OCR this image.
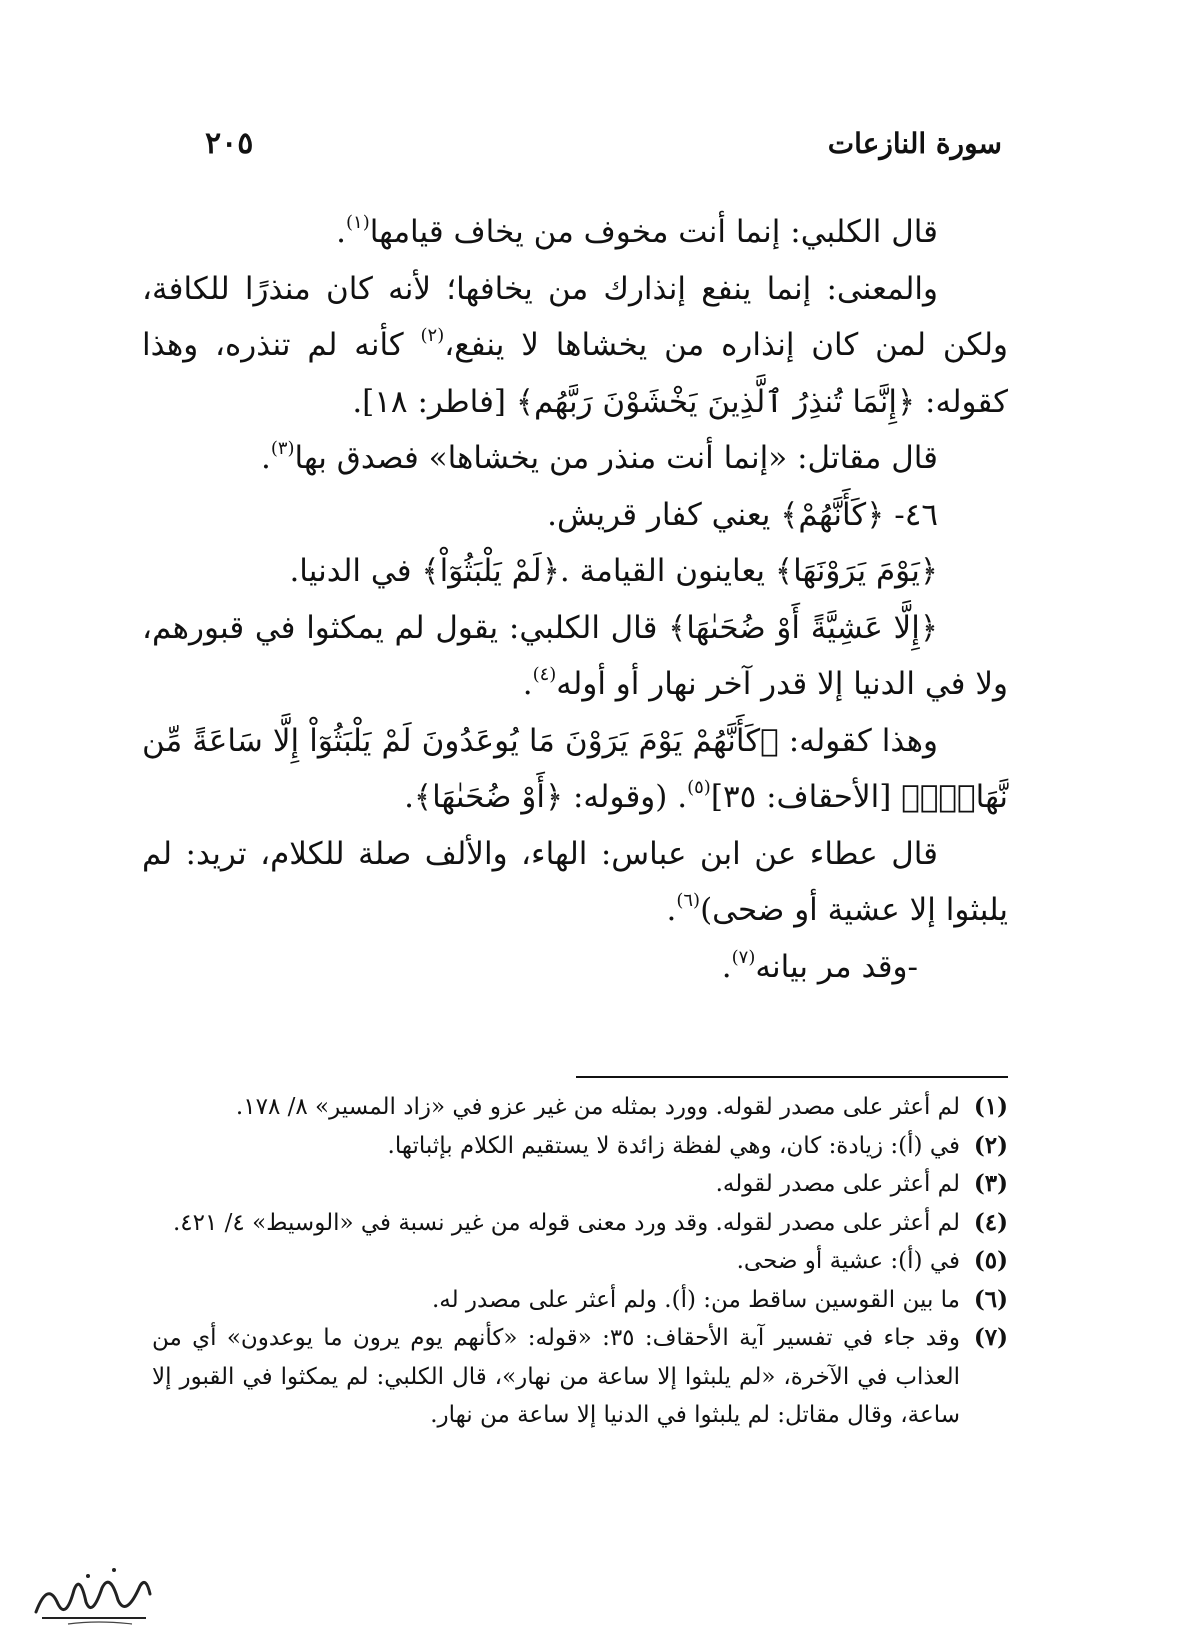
سورة النازعات
٢٠٥

قال الكلبي: إنما أنت مخوف من يخاف قيامها$^{(١)}$.

والمعنى: إنما ينفع إنذارك من يخافها؛ لأنه كان منذرًا للكافة، ولكن لمن كان إنذاره من يخشاها لا ينفع،$^{(٢)}$ كأنه لم تنذره، وهذا كقوله: ﴿إِنَّمَا تُنذِرُ ٱلَّذِينَ يَخْشَوْنَ رَبَّهُم﴾ [فاطر: ١٨].

قال مقاتل: «إنما أنت منذر من يخشاها» فصدق بها$^{(٣)}$.

٤٦- ﴿كَأَنَّهُمْ﴾ يعني كفار قريش.

﴿يَوْمَ يَرَوْنَهَا﴾ يعاينون القيامة .﴿لَمْ يَلْبَثُوٓاْ﴾ في الدنيا.

﴿إِلَّا عَشِيَّةً أَوْ ضُحَىٰهَا﴾ قال الكلبي: يقول لم يمكثوا في قبورهم، ولا في الدنيا إلا قدر آخر نهار أو أوله$^{(٤)}$.

وهذا كقوله: ﴿كَأَنَّهُمْ يَوْمَ يَرَوْنَ مَا يُوعَدُونَ لَمْ يَلْبَثُوٓاْ إِلَّا سَاعَةً مِّن نَّهَارٍۭ﴾ [الأحقاف: ٣٥]$^{(٥)}$. (وقوله: ﴿أَوْ ضُحَىٰهَا﴾.

قال عطاء عن ابن عباس: الهاء، والألف صلة للكلام، تريد: لم يلبثوا إلا عشية أو ضحى)$^{(٦)}$.

-وقد مر بيانه$^{(٧)}$.

(١)
لم أعثر على مصدر لقوله. وورد بمثله من غير عزو في «زاد المسير» ٨/ ١٧٨.
(٢)
في (أ): زيادة: كان، وهي لفظة زائدة لا يستقيم الكلام بإثباتها.
(٣)
لم أعثر على مصدر لقوله.
(٤)
لم أعثر على مصدر لقوله. وقد ورد معنى قوله من غير نسبة في «الوسيط» ٤/ ٤٢١.
(٥)
في (أ): عشية أو ضحى.
(٦)
ما بين القوسين ساقط من: (أ). ولم أعثر على مصدر له.
(٧)
وقد جاء في تفسير آية الأحقاف: ٣٥: «قوله: «كأنهم يوم يرون ما يوعدون» أي من العذاب في الآخرة، «لم يلبثوا إلا ساعة من نهار»، قال الكلبي: لم يمكثوا في القبور إلا ساعة، وقال مقاتل: لم يلبثوا في الدنيا إلا ساعة من نهار.
